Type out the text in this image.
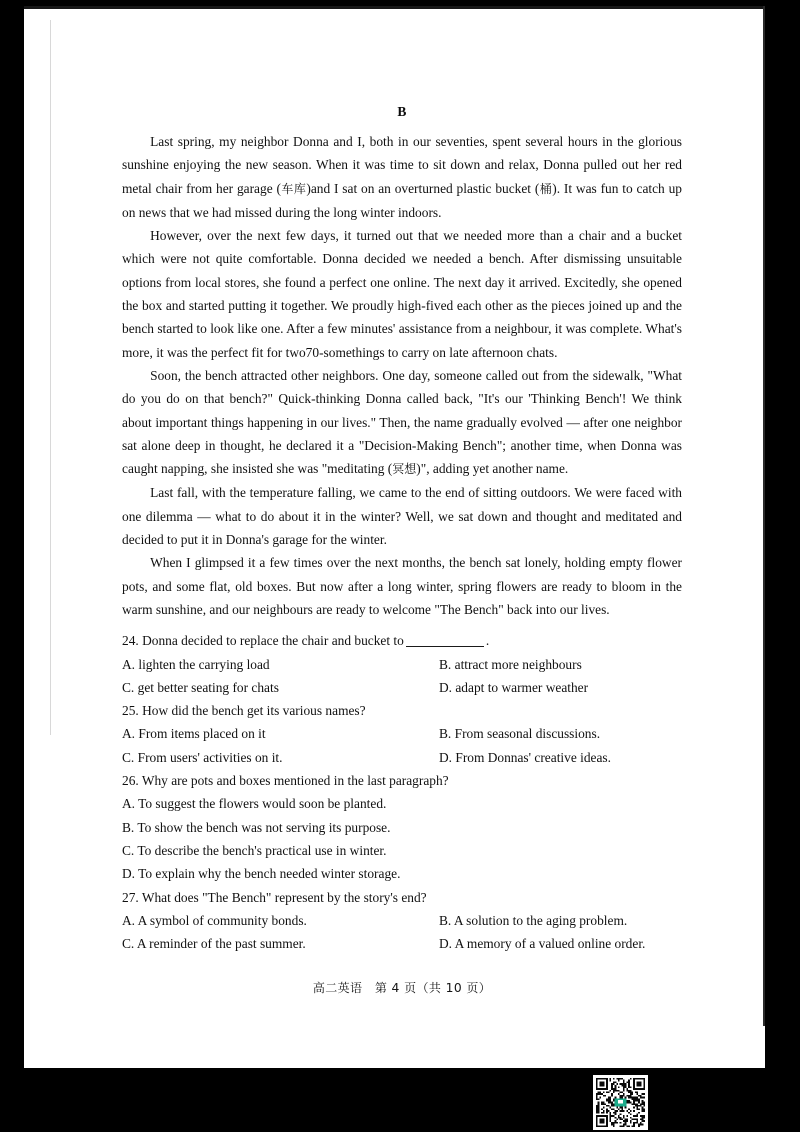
B

Last spring, my neighbor Donna and I, both in our seventies, spent several hours in the glorious sunshine enjoying the new season. When it was time to sit down and relax, Donna pulled out her red metal chair from her garage (车库)and I sat on an overturned plastic bucket (桶). It was fun to catch up on news that we had missed during the long winter indoors.

However, over the next few days, it turned out that we needed more than a chair and a bucket which were not quite comfortable. Donna decided we needed a bench. After dismissing unsuitable options from local stores, she found a perfect one online. The next day it arrived. Excitedly, she opened the box and started putting it together. We proudly high-fived each other as the pieces joined up and the bench started to look like one. After a few minutes' assistance from a neighbour, it was complete. What's more, it was the perfect fit for two70-somethings to carry on late afternoon chats.

Soon, the bench attracted other neighbors. One day, someone called out from the sidewalk, "What do you do on that bench?" Quick-thinking Donna called back, "It's our 'Thinking Bench'! We think about important things happening in our lives." Then, the name gradually evolved — after one neighbor sat alone deep in thought, he declared it a "Decision-Making Bench"; another time, when Donna was caught napping, she insisted she was "meditating (冥想)", adding yet another name.

Last fall, with the temperature falling, we came to the end of sitting outdoors. We were faced with one dilemma — what to do about it in the winter? Well, we sat down and thought and meditated and decided to put it in Donna's garage for the winter.

When I glimpsed it a few times over the next months, the bench sat lonely, holding empty flower pots, and some flat, old boxes. But now after a long winter, spring flowers are ready to bloom in the warm sunshine, and our neighbours are ready to welcome "The Bench" back into our lives.

24. Donna decided to replace the chair and bucket to	.

A. lighten the carrying load	B. attract more neighbours

C. get better seating for chats	D. adapt to warmer weather

25. How did the bench get its various names?

A. From items placed on it	B. From seasonal discussions.

C. From users' activities on it.	D. From Donnas' creative ideas.

26. Why are pots and boxes mentioned in the last paragraph?

A. To suggest the flowers would soon be planted.

B. To show the bench was not serving its purpose.

C. To describe the bench's practical use in winter.

D. To explain why the bench needed winter storage.

27. What does "The Bench" represent by the story's end?

A. A symbol of community bonds.	B. A solution to the aging problem.

C. A reminder of the past summer.	D. A memory of a valued online order.

高二英语　第 4 页（共 10 页）
